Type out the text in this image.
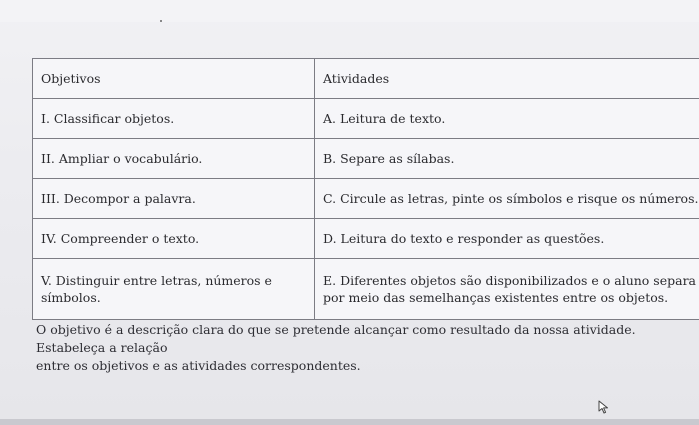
Objetivos	Atividades
I. Classificar objetos.	A. Leitura de texto.
II. Ampliar o vocabulário.	B. Separe as sílabas.
III. Decompor a palavra.	C. Circule as letras, pinte os símbolos e risque os números.
IV. Compreender o texto.	D. Leitura do texto e responder as questões.
V. Distinguir entre letras, números e símbolos.	E. Diferentes objetos são disponibilizados e o aluno separa
por meio das semelhanças existentes entre os objetos.
O objetivo é a descrição clara do que se pretende alcançar como resultado da nossa atividade. Estabeleça a relação
entre os objetivos e as atividades correspondentes.
